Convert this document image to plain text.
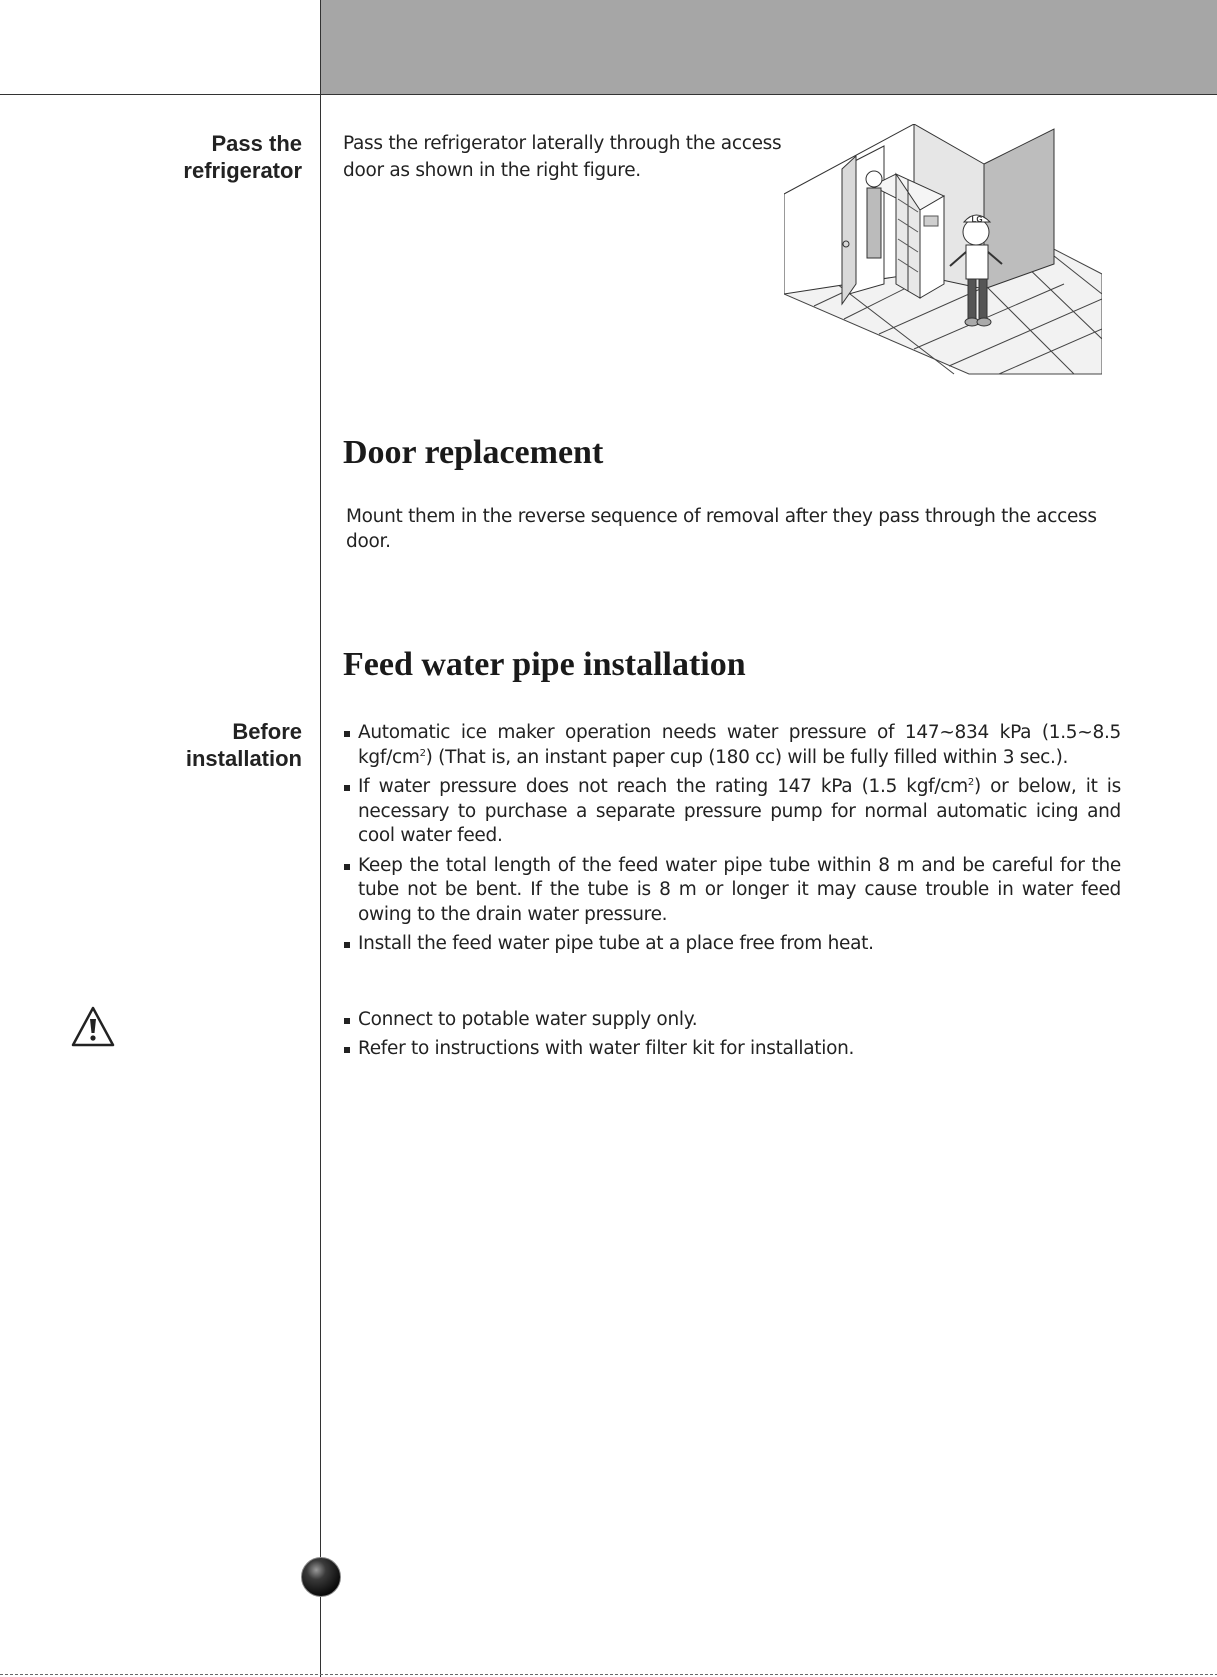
Pass the
refrigerator
Pass the refrigerator laterally through the access
door as shown in the right figure.
LG
Door replacement
Mount them in the reverse sequence of removal after they pass through the access
door.
Feed water pipe installation
Before
installation
Automatic ice maker operation needs water pressure of 147~834 kPa (1.5~8.5 kgf/$cm^2$) (That is, an instant paper cup (180 cc) will be fully filled within 3 sec.).
If water pressure does not reach the rating 147 kPa (1.5 kgf/$cm^2$) or below, it is necessary to purchase a separate pressure pump for normal automatic icing and cool water feed.
Keep the total length of the feed water pipe tube within 8 m and be careful for the tube not be bent. If the tube is 8 m or longer it may cause trouble in water feed owing to the drain water pressure.
Install the feed water pipe tube at a place free from heat.
Connect to potable water supply only.
Refer to instructions with water filter kit for installation.
